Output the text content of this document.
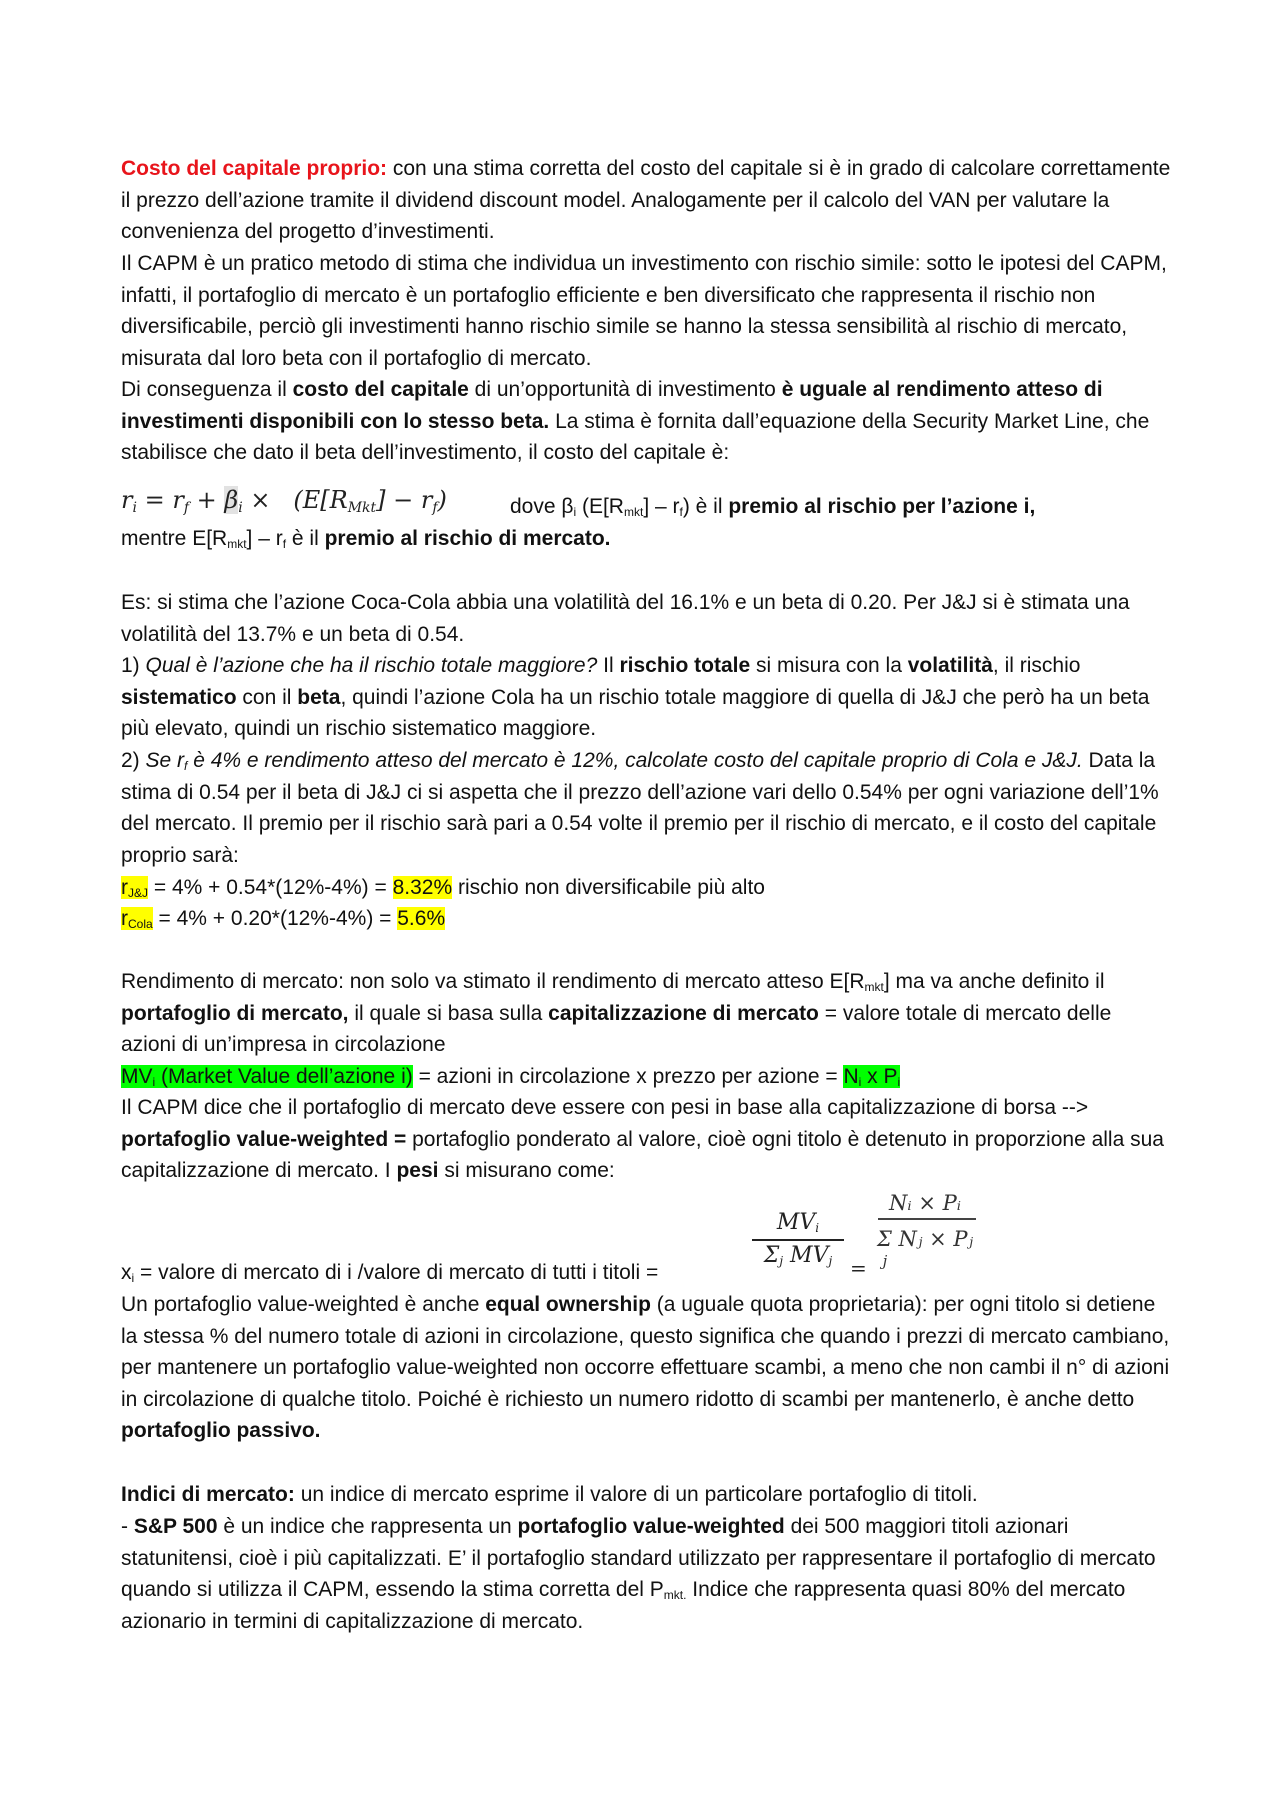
Costo del capitale proprio: con una stima corretta del costo del capitale si è in grado di calcolare correttamente il prezzo dell’azione tramite il dividend discount model. Analogamente per il calcolo del VAN per valutare la convenienza del progetto d’investimenti.
Il CAPM è un pratico metodo di stima che individua un investimento con rischio simile: sotto le ipotesi del CAPM, infatti, il portafoglio di mercato è un portafoglio efficiente e ben diversificato che rappresenta il rischio non diversificabile, perciò gli investimenti hanno rischio simile se hanno la stessa sensibilità al rischio di mercato, misurata dal loro beta con il portafoglio di mercato.
Di conseguenza il costo del capitale di un’opportunità di investimento è uguale al rendimento atteso di investimenti disponibili con lo stesso beta. La stima è fornita dall’equazione della Security Market Line, che stabilisce che dato il beta dell’investimento, il costo del capitale è:
ri = rf + βi ×   (E[RMkt] − rf)	dove $\beta_i$ $(E[R_{mkt}] - r_f)$ è il premio al rischio per l’azione i,
mentre $E[R_{mkt}] - r_f$ è il premio al rischio di mercato.
Es: si stima che l’azione Coca-Cola abbia una volatilità del 16.1% e un beta di 0.20. Per J&J si è stimata una volatilità del 13.7% e un beta di 0.54.
1) Qual è l’azione che ha il rischio totale maggiore? Il rischio totale si misura con la volatilità, il rischio sistematico con il beta, quindi l’azione Cola ha un rischio totale maggiore di quella di J&J che però ha un beta più elevato, quindi un rischio sistematico maggiore.
2) Se $r_f$ è 4% e rendimento atteso del mercato è 12%, calcolate costo del capitale proprio di Cola e J&J. Data la stima di 0.54 per il beta di J&J ci si aspetta che il prezzo dell’azione vari dello 0.54% per ogni variazione dell’1% del mercato. Il premio per il rischio sarà pari a 0.54 volte il premio per il rischio di mercato, e il costo del capitale proprio sarà:
$r_{J\&J} = 4\% + 0.54*(12\%-4\%) = 8.32\%$ rischio non diversificabile più alto
$r_{Cola} = 4\% + 0.20*(12\%-4\%) = 5.6\%$
Rendimento di mercato: non solo va stimato il rendimento di mercato atteso $E[R_{mkt}]$ ma va anche definito il portafoglio di mercato, il quale si basa sulla capitalizzazione di mercato = valore totale di mercato delle azioni di un’impresa in circolazione
$MV_i$ (Market Value dell’azione i) = azioni in circolazione x prezzo per azione = $N_i$ x $P_i$
Il CAPM dice che il portafoglio di mercato deve essere con pesi in base alla capitalizzazione di borsa --> portafoglio value-weighted = portafoglio ponderato al valore, cioè ogni titolo è detenuto in proporzione alla sua capitalizzazione di mercato. I pesi si misurano come:
$MV_i$
$\Sigma_j$ $MV_j$ =
Nᵢ × Pᵢ
Σ Nⱼ × Pⱼ
j
$x_i$ = valore di mercato di i /valore di mercato di tutti i titoli =
Un portafoglio value-weighted è anche equal ownership (a uguale quota proprietaria): per ogni titolo si detiene la stessa % del numero totale di azioni in circolazione, questo significa che quando i prezzi di mercato cambiano, per mantenere un portafoglio value-weighted non occorre effettuare scambi, a meno che non cambi il n° di azioni in circolazione di qualche titolo. Poiché è richiesto un numero ridotto di scambi per mantenerlo, è anche detto portafoglio passivo.
Indici di mercato: un indice di mercato esprime il valore di un particolare portafoglio di titoli.
- S&P 500 è un indice che rappresenta un portafoglio value-weighted dei 500 maggiori titoli azionari statunitensi, cioè i più capitalizzati. E’ il portafoglio standard utilizzato per rappresentare il portafoglio di mercato quando si utilizza il CAPM, essendo la stima corretta del $P_{mkt.}$ Indice che rappresenta quasi 80% del mercato azionario in termini di capitalizzazione di mercato.
